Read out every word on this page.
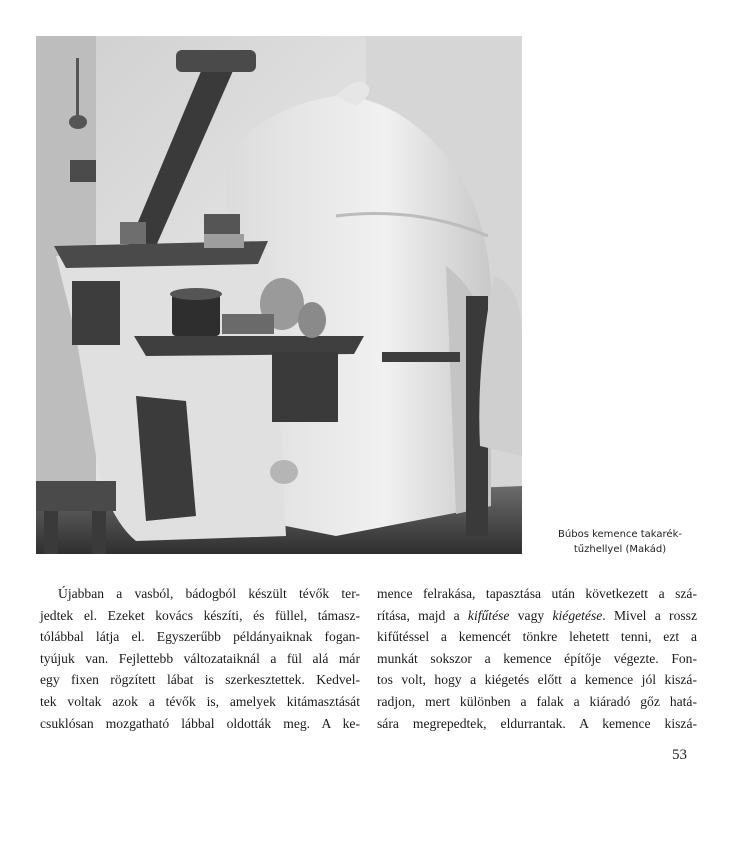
Búbos kemence takarék-
tűzhellyel (Makád)
Újabban a vasból, bádogból készült tévők ter-
jedtek el. Ezeket kovács készíti, és füllel, támasz-
tólábbal látja el. Egyszerűbb példányaiknak fogan-
tyújuk van. Fejlettebb változataiknál a fül alá már
egy fixen rögzített lábat is szerkesztettek. Kedvel-
tek voltak azok a tévők is, amelyek kitámasztását
csuklósan mozgatható lábbal oldották meg. A ke-
mence felrakása, tapasztása után következett a szá-
rítása, majd a kifűtése vagy kiégetése. Mivel a rossz
kifűtéssel a kemencét tönkre lehetett tenni, ezt a
munkát sokszor a kemence építője végezte. Fon-
tos volt, hogy a kiégetés előtt a kemence jól kiszá-
radjon, mert különben a falak a kiáradó gőz hatá-
sára megrepedtek, eldurrantak. A kemence kiszá-
53
